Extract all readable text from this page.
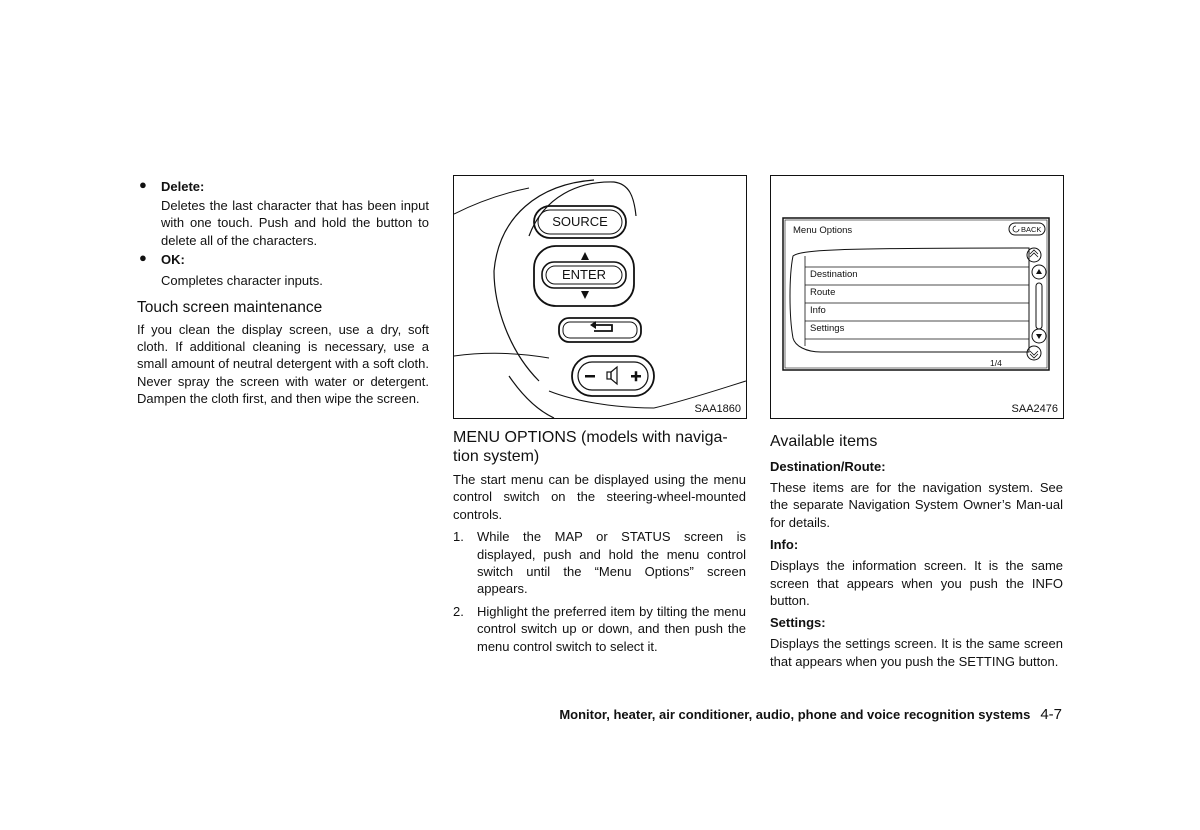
● Delete:

Deletes the last character that has been input with one touch. Push and hold the button to delete all of the characters.

● OK:

Completes character inputs.

Touch screen maintenance

If you clean the display screen, use a dry, soft cloth. If additional cleaning is necessary, use a small amount of neutral detergent with a soft cloth. Never spray the screen with water or detergent. Dampen the cloth first, and then wipe the screen.

SOURCE
ENTER
SAA1860
MENU OPTIONS (models with naviga-tion system)

The start menu can be displayed using the menu control switch on the steering-wheel-mounted controls.

1. While the MAP or STATUS screen is displayed, push and hold the menu control switch until the “Menu Options” screen appears.

2. Highlight the preferred item by tilting the menu control switch up or down, and then push the menu control switch to select it.

Menu Options	BACK
Destination
Route
Info
Settings
1/4
SAA2476
Available items
Destination/Route:

These items are for the navigation system. See the separate Navigation System Owner’s Man-ual for details.

Info:

Displays the information screen. It is the same screen that appears when you push the INFO button.

Settings:

Displays the settings screen. It is the same screen that appears when you push the SETTING button.

Monitor, heater, air conditioner, audio, phone and voice recognition systems 4-7
